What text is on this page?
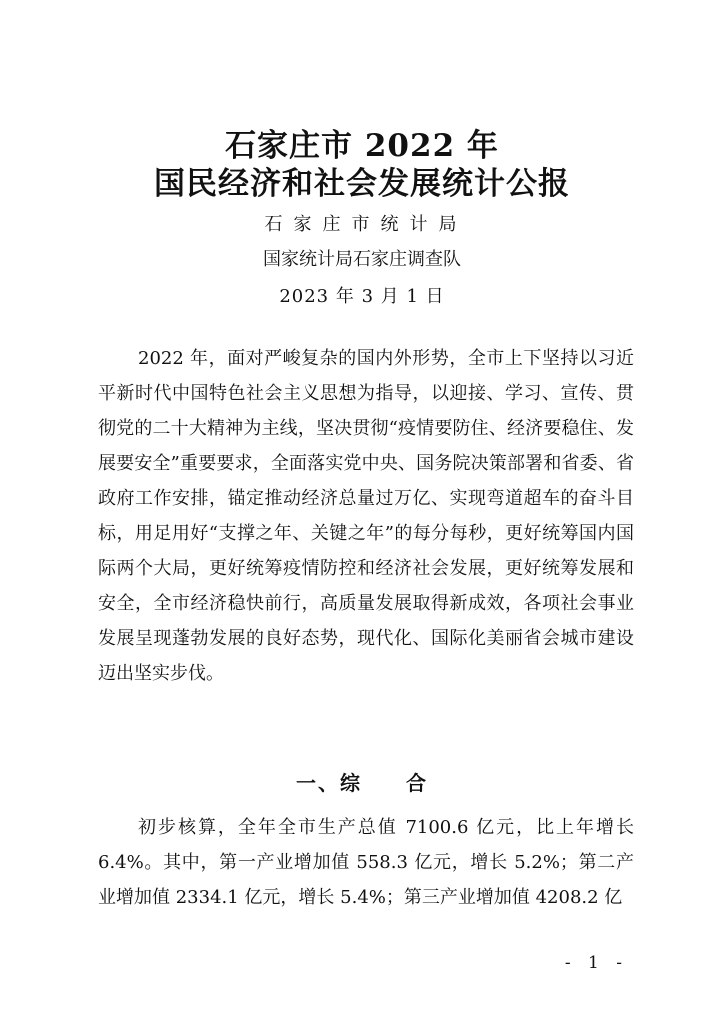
石家庄市 2022 年
国民经济和社会发展统计公报
石家庄市统计局
国家统计局石家庄调查队
2023 年 3 月 1 日

2022 年，面对严峻复杂的国内外形势，全市上下坚持以习近平新时代中国特色社会主义思想为指导，以迎接、学习、宣传、贯彻党的二十大精神为主线，坚决贯彻“疫情要防住、经济要稳住、发展要安全”重要要求，全面落实党中央、国务院决策部署和省委、省政府工作安排，锚定推动经济总量过万亿、实现弯道超车的奋斗目标，用足用好“支撑之年、关键之年”的每分每秒，更好统筹国内国际两个大局，更好统筹疫情防控和经济社会发展，更好统筹发展和安全，全市经济稳快前行，高质量发展取得新成效，各项社会事业发展呈现蓬勃发展的良好态势，现代化、国际化美丽省会城市建设迈出坚实步伐。

一、综　　合

初步核算，全年全市生产总值 7100.6 亿元，比上年增长 6.4%。其中，第一产业增加值 558.3 亿元，增长 5.2%；第二产业增加值 2334.1 亿元，增长 5.4%；第三产业增加值 4208.2 亿

- 1 -
